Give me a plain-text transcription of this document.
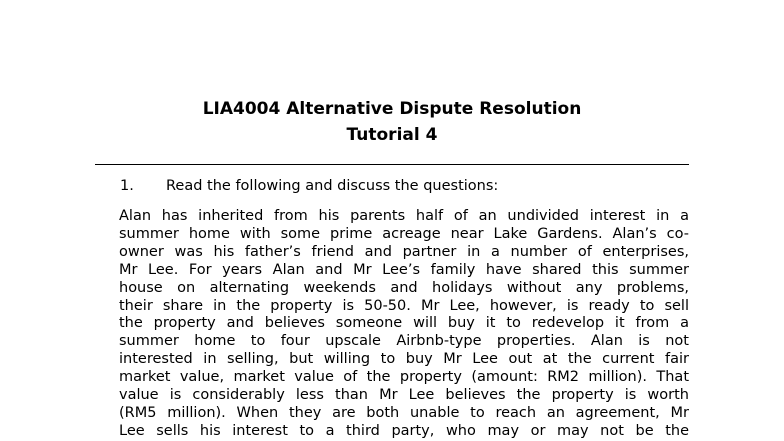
LIA4004 Alternative Dispute Resolution
Tutorial 4
1. Read the following and discuss the questions:
Alan has inherited from his parents half of an undivided interest in a
summer home with some prime acreage near Lake Gardens. Alan’s co-
owner was his father’s friend and partner in a number of enterprises,
Mr Lee. For years Alan and Mr Lee’s family have shared this summer
house on alternating weekends and holidays without any problems,
their share in the property is 50-50. Mr Lee, however, is ready to sell
the property and believes someone will buy it to redevelop it from a
summer home to four upscale Airbnb-type properties. Alan is not
interested in selling, but willing to buy Mr Lee out at the current fair
market value, market value of the property (amount: RM2 million). That
value is considerably less than Mr Lee believes the property is worth
(RM5 million). When they are both unable to reach an agreement, Mr
Lee sells his interest to a third party, who may or may not be the
